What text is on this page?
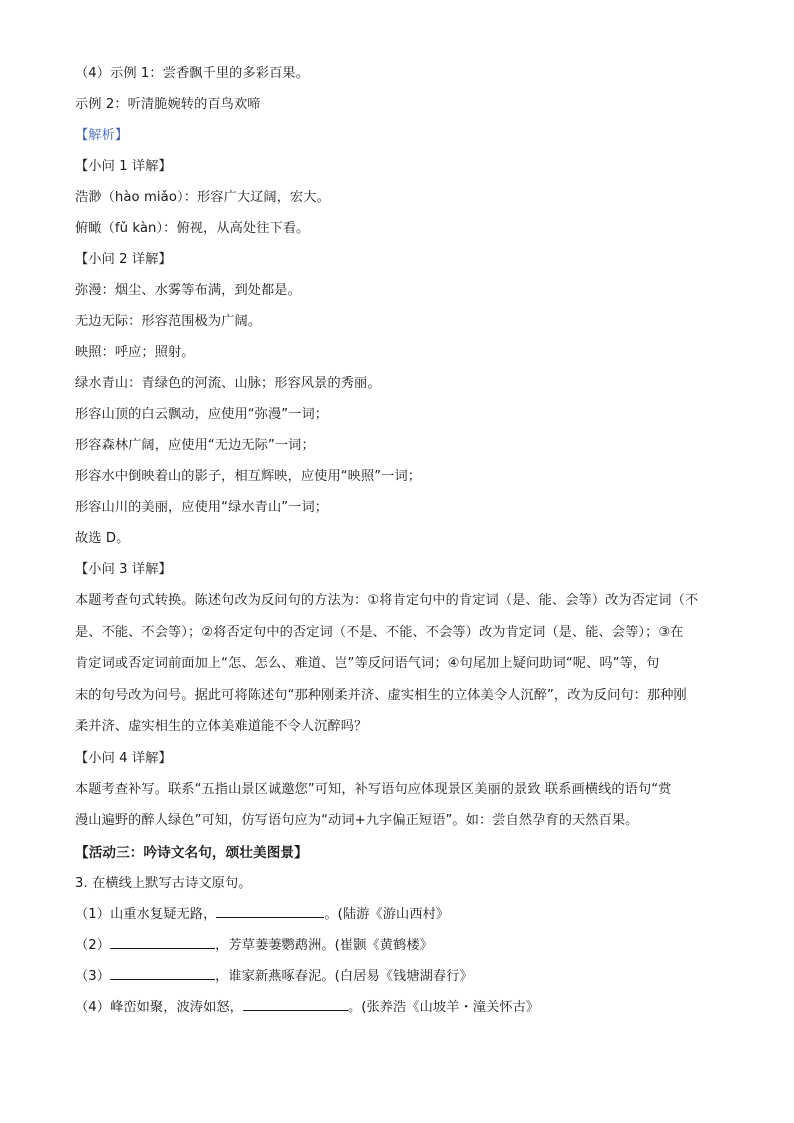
（4）示例 1：尝香飘千里的多彩百果。
示例 2：听清脆婉转的百鸟欢啼
【解析】
【小问 1 详解】
浩渺（hào miǎo）：形容广大辽阔，宏大。
俯瞰（fǔ kàn）：俯视，从高处往下看。
【小问 2 详解】
弥漫：烟尘、水雾等布满，到处都是。
无边无际：形容范围极为广阔。
映照：呼应；照射。
绿水青山：青绿色的河流、山脉；形容风景的秀丽。
形容山顶的白云飘动，应使用“弥漫”一词；
形容森林广阔，应使用“无边无际”一词；
形容水中倒映着山的影子，相互辉映，应使用“映照”一词；
形容山川的美丽，应使用“绿水青山”一词；
故选 D。
【小问 3 详解】
本题考查句式转换。陈述句改为反问句的方法为：①将肯定句中的肯定词（是、能、会等）改为否定词（不
是、不能、不会等）；②将否定句中的否定词（不是、不能、不会等）改为肯定词（是、能、会等）；③在
肯定词或否定词前面加上“怎、怎么、难道、岂”等反问语气词；④句尾加上疑问助词“呢、吗”等，句
末的句号改为问号。据此可将陈述句“那种刚柔并济、虚实相生的立体美令人沉醉”，改为反问句：那种刚
柔并济、虚实相生的立体美难道能不令人沉醉吗？
【小问 4 详解】
本题考查补写。联系“五指山景区诚邀您”可知，补写语句应体现景区美丽的景致 联系画横线的语句“赏
漫山遍野的醉人绿色”可知，仿写语句应为“动词+九字偏正短语”。如：尝自然孕育的天然百果。
【活动三：吟诗文名句，颂壮美图景】
3. 在横线上默写古诗文原句。
（1）山重水复疑无路，	。(陆游《游山西村》
（2）	，芳草萋萋鹦鹉洲。(崔颢《黄鹤楼》
（3）	，谁家新燕啄春泥。(白居易《钱塘湖春行》
（4）峰峦如聚，波涛如怒，	。(张养浩《山坡羊・潼关怀古》
